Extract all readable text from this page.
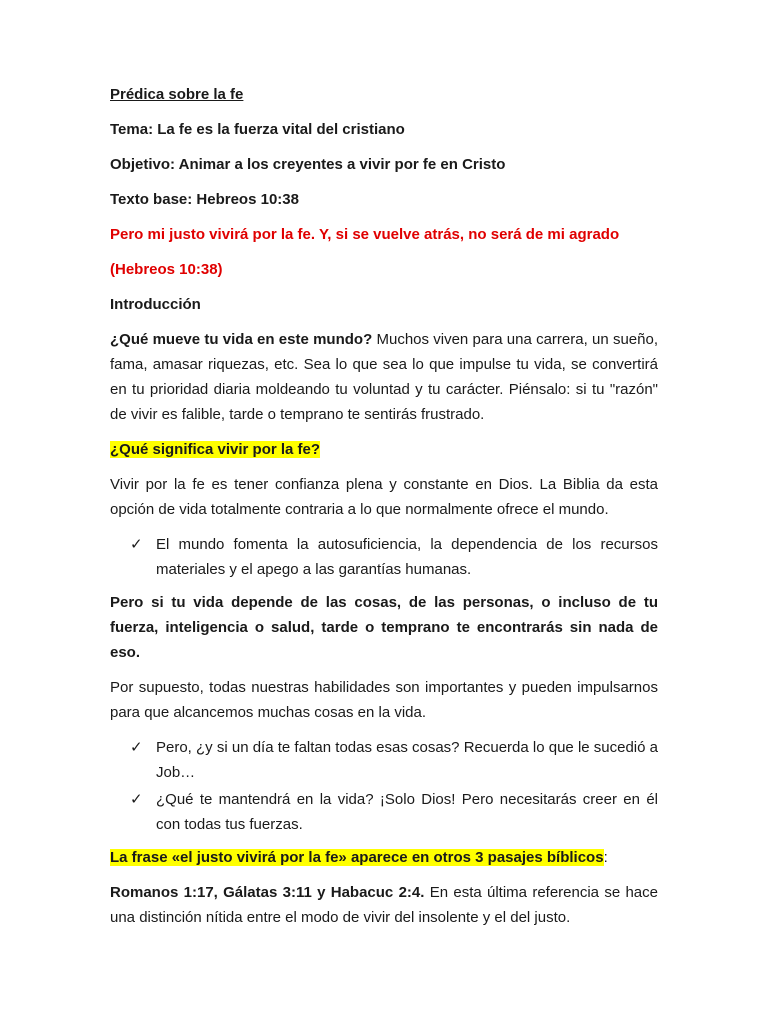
Prédica sobre la fe
Tema: La fe es la fuerza vital del cristiano
Objetivo: Animar a los creyentes a vivir por fe en Cristo
Texto base: Hebreos 10:38
Pero mi justo vivirá por la fe. Y, si se vuelve atrás, no será de mi agrado
(Hebreos 10:38)
Introducción

¿Qué mueve tu vida en este mundo? Muchos viven para una carrera, un sueño, fama, amasar riquezas, etc. Sea lo que sea lo que impulse tu vida, se convertirá en tu prioridad diaria moldeando tu voluntad y tu carácter. Piénsalo: si tu "razón" de vivir es falible, tarde o temprano te sentirás frustrado.

¿Qué significa vivir por la fe?

Vivir por la fe es tener confianza plena y constante en Dios. La Biblia da esta opción de vida totalmente contraria a lo que normalmente ofrece el mundo.

✓ El mundo fomenta la autosuficiencia, la dependencia de los recursos materiales y el apego a las garantías humanas.

Pero si tu vida depende de las cosas, de las personas, o incluso de tu fuerza, inteligencia o salud, tarde o temprano te encontrarás sin nada de eso.

Por supuesto, todas nuestras habilidades son importantes y pueden impulsarnos para que alcancemos muchas cosas en la vida.

✓ Pero, ¿y si un día te faltan todas esas cosas? Recuerda lo que le sucedió a Job…
✓ ¿Qué te mantendrá en la vida? ¡Solo Dios! Pero necesitarás creer en él con todas tus fuerzas.
La frase «el justo vivirá por la fe» aparece en otros 3 pasajes bíblicos:

Romanos 1:17, Gálatas 3:11 y Habacuc 2:4. En esta última referencia se hace una distinción nítida entre el modo de vivir del insolente y el del justo.
